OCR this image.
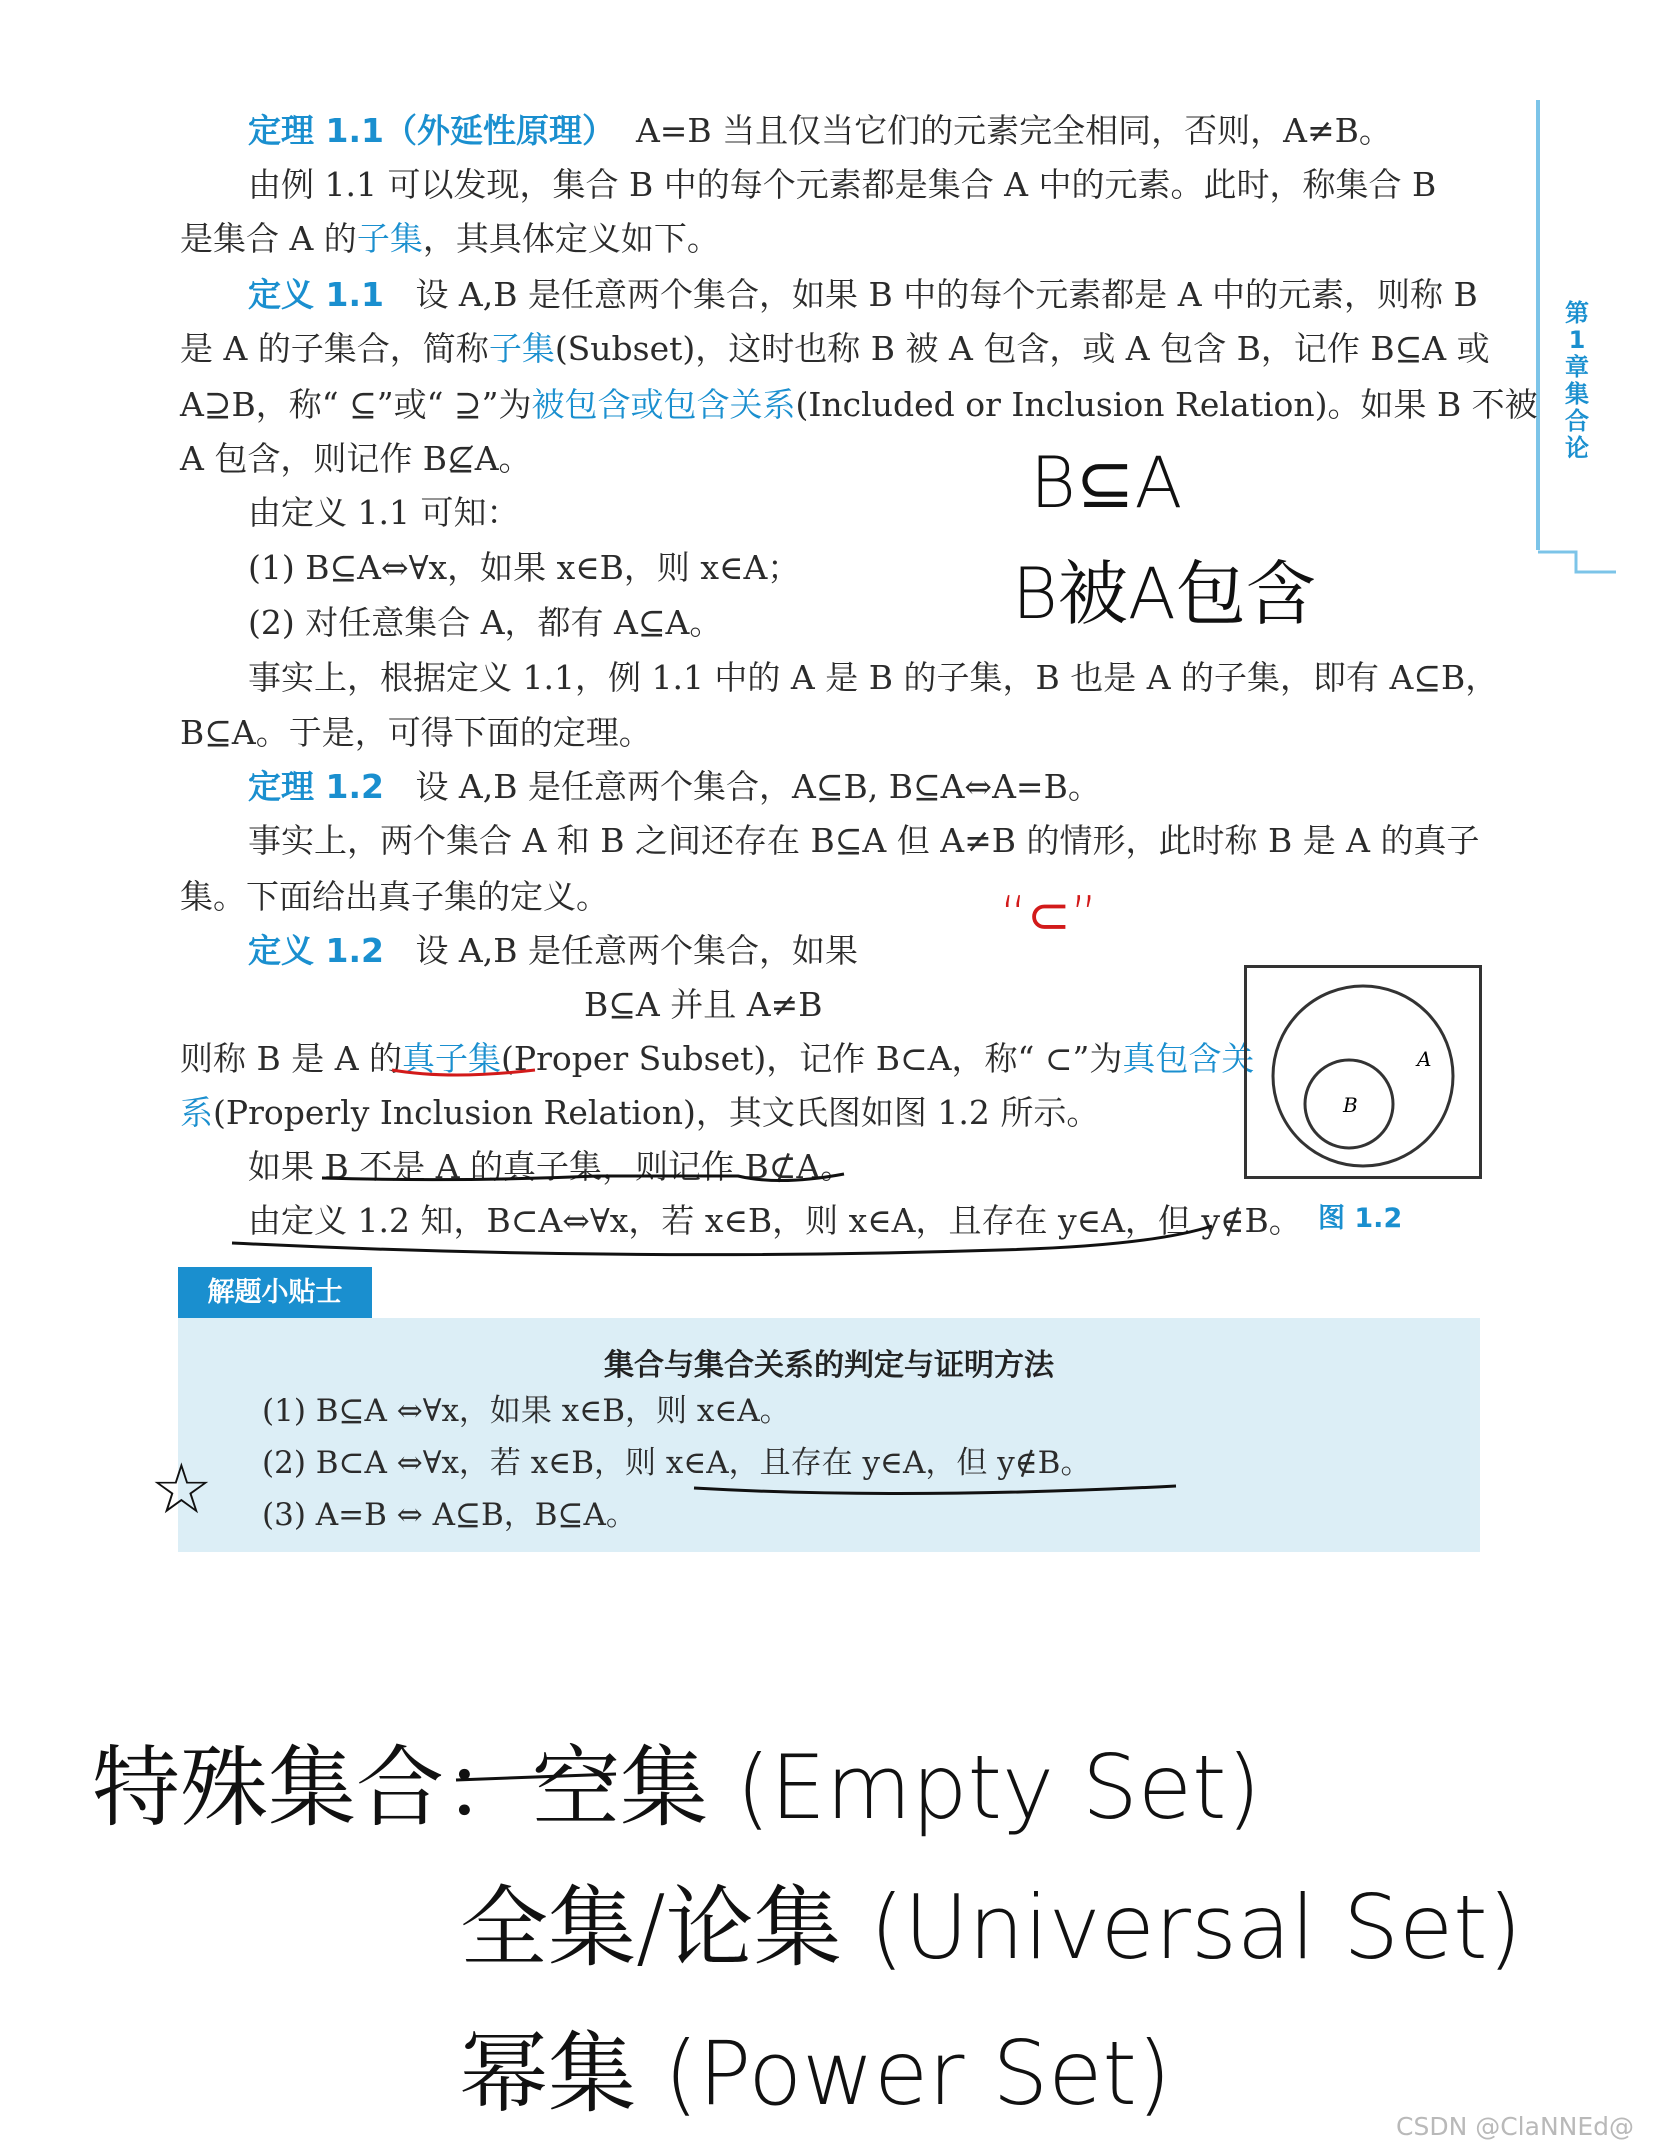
第1章 集合论
定理 1.1（外延性原理） A=B 当且仅当它们的元素完全相同，否则，A≠B。
由例 1.1 可以发现，集合 B 中的每个元素都是集合 A 中的元素。此时，称集合 B
是集合 A 的子集，其具体定义如下。
定义 1.1 设 A,B 是任意两个集合，如果 B 中的每个元素都是 A 中的元素，则称 B
是 A 的子集合，简称子集(Subset)，这时也称 B 被 A 包含，或 A 包含 B，记作 B⊆A 或
A⊇B，称“ ⊆”或“ ⊇”为被包含或包含关系(Included or Inclusion Relation)。如果 B 不被
A 包含，则记作 B⊈A。
由定义 1.1 可知：
(1) B⊆A⇔∀x，如果 x∈B，则 x∈A；
(2) 对任意集合 A，都有 A⊆A。
事实上，根据定义 1.1，例 1.1 中的 A 是 B 的子集，B 也是 A 的子集，即有 A⊆B，
B⊆A。于是，可得下面的定理。
定理 1.2 设 A,B 是任意两个集合，A⊆B, B⊆A⇔A=B。
事实上，两个集合 A 和 B 之间还存在 B⊆A 但 A≠B 的情形，此时称 B 是 A 的真子
集。下面给出真子集的定义。
定义 1.2 设 A,B 是任意两个集合，如果
B⊆A 并且 A≠B
则称 B 是 A 的真子集(Proper Subset)，记作 B⊂A，称“ ⊂”为真包含关
系(Properly Inclusion Relation)，其文氏图如图 1.2 所示。
如果 B 不是 A 的真子集，则记作 B⊄A。
由定义 1.2 知，B⊂A⇔∀x，若 x∈B，则 x∈A，且存在 y∈A，但 y∉B。
A
B
图 1.2
解题小贴士
集合与集合关系的判定与证明方法
(1) B⊆A ⇔∀x，如果 x∈B，则 x∈A。
(2) B⊂A ⇔∀x，若 x∈B，则 x∈A，且存在 y∈A，但 y∉B。
(3) A=B ⇔ A⊆B，B⊆A。
B⊆A
B被A包含
“⊂”
☆
特殊集合：空集 (Empty Set)
全集/论集 (Universal Set)
幂集 (Power Set)
CSDN @ClaNNEd@
